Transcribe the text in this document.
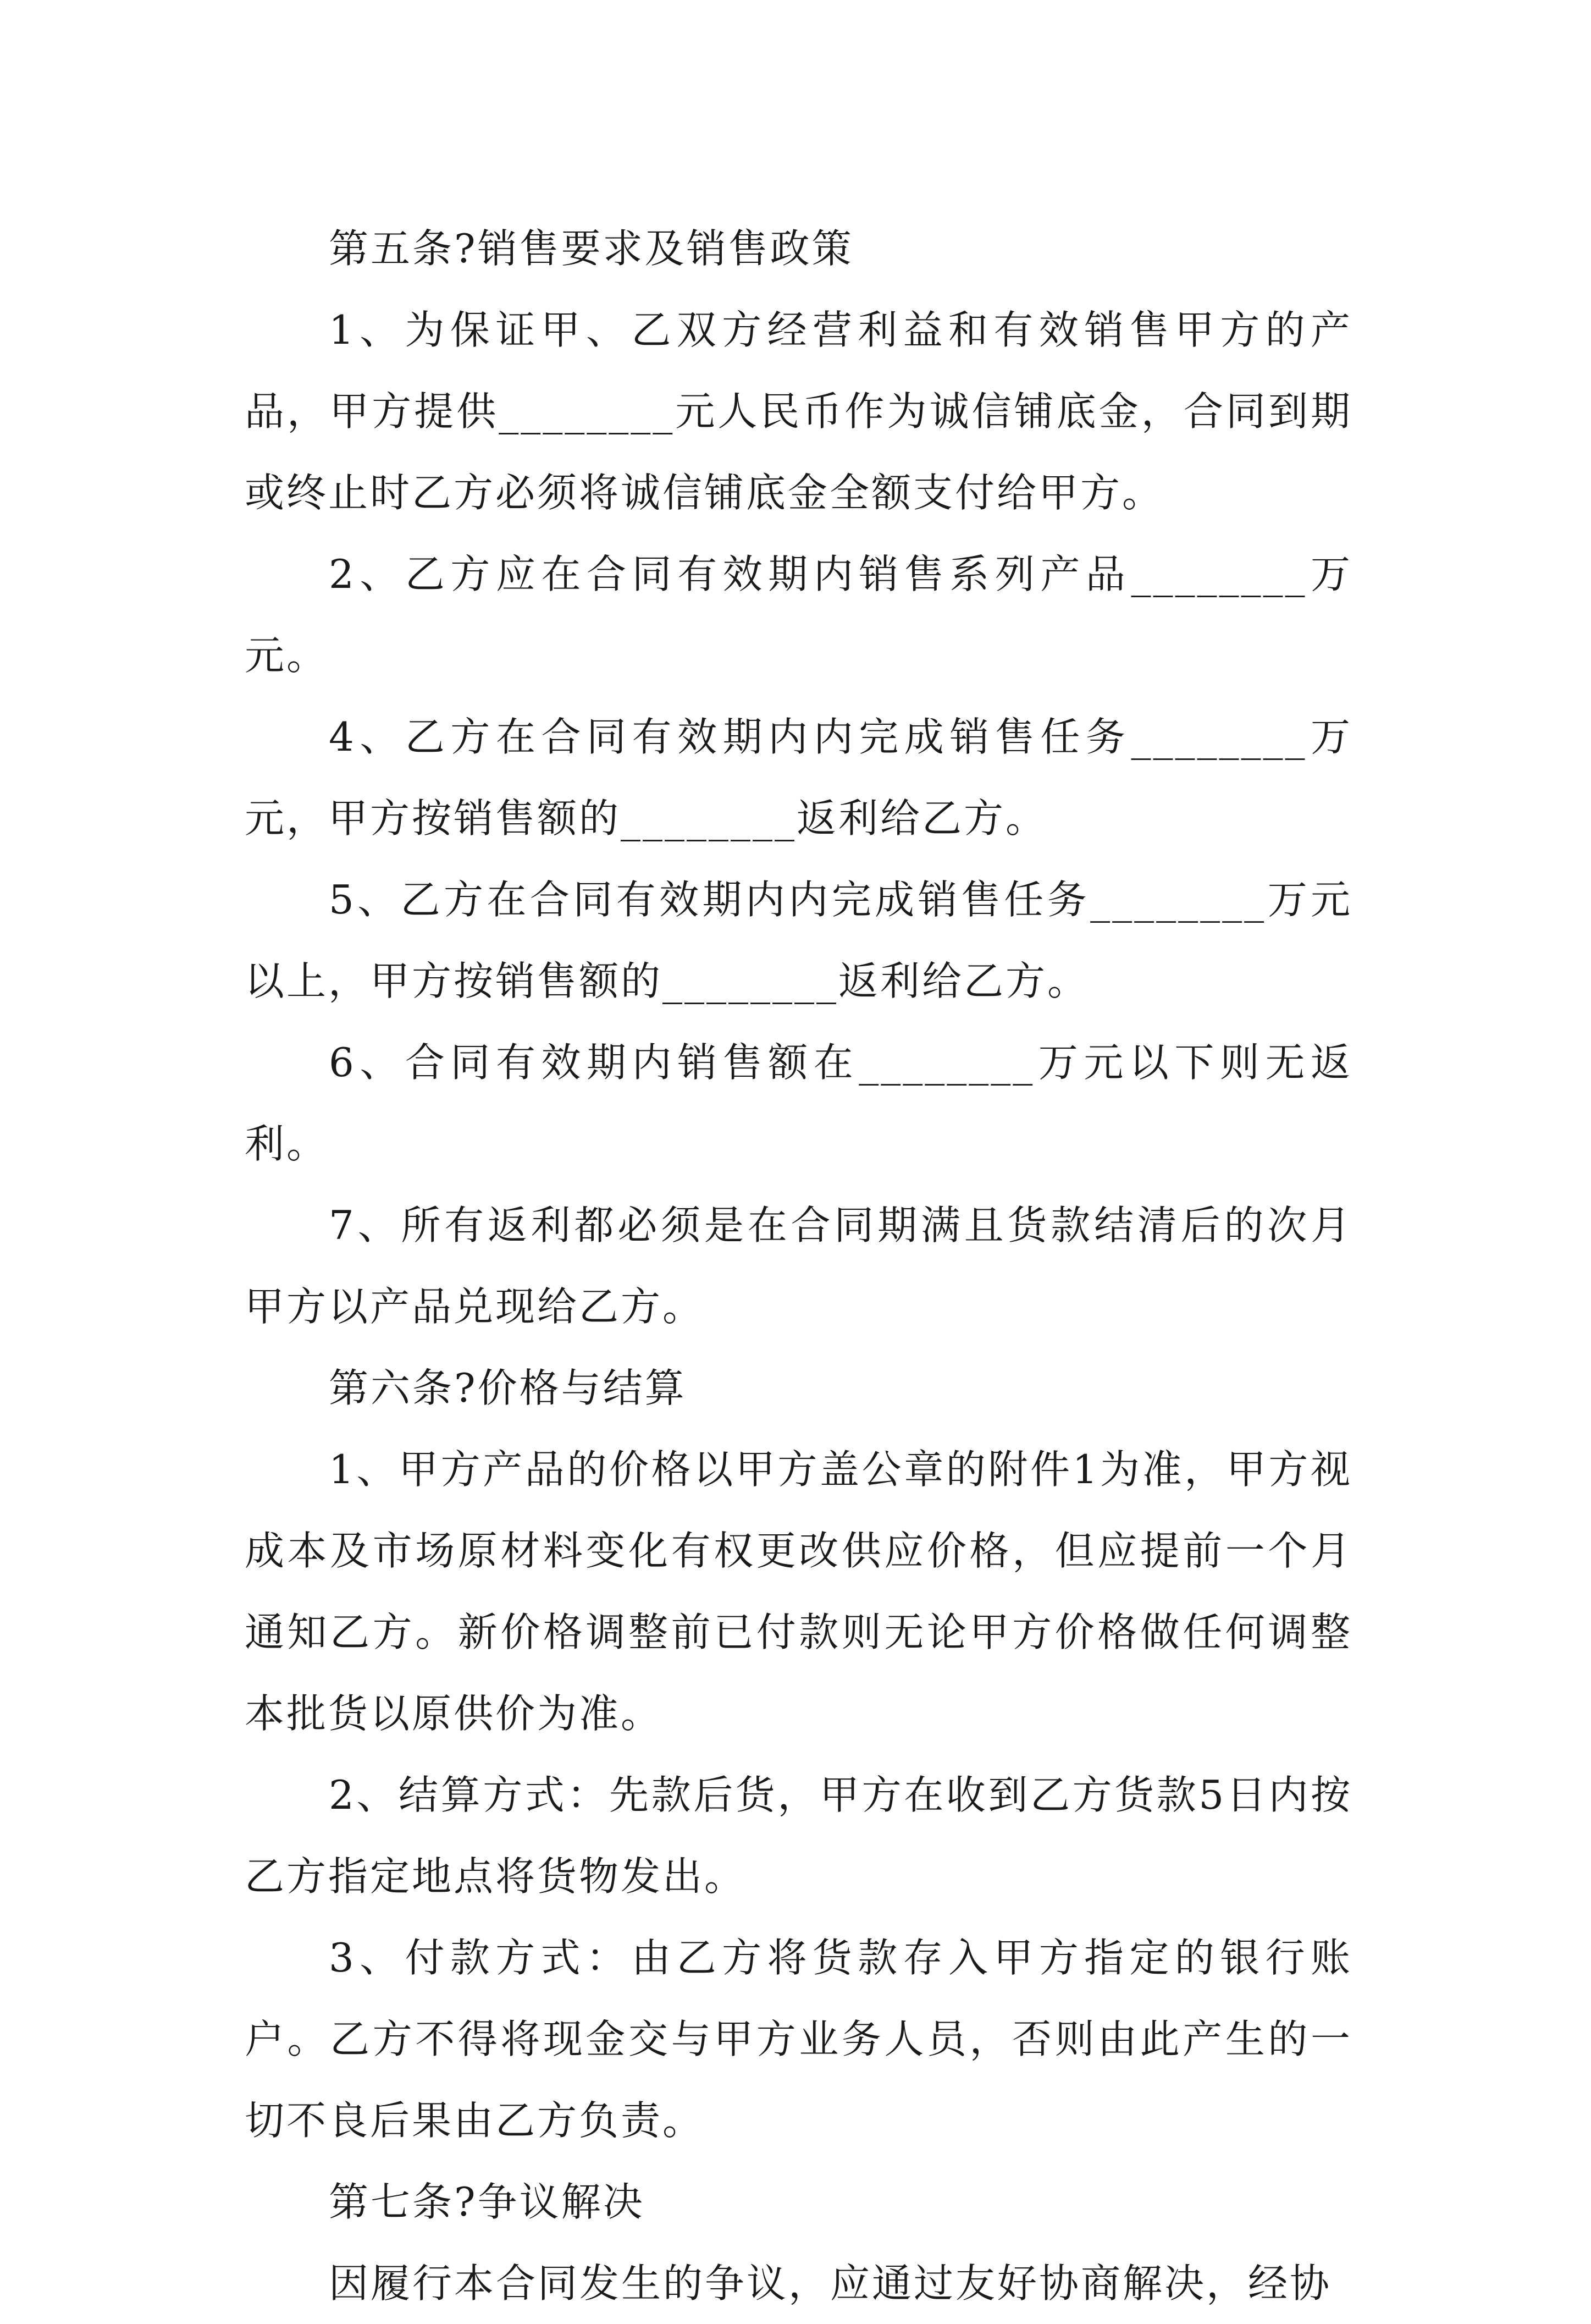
第五条?销售要求及销售政策

1、为保证甲、乙双方经营利益和有效销售甲方的产品，甲方提供________元人民币作为诚信铺底金，合同到期或终止时乙方必须将诚信铺底金全额支付给甲方。

2、乙方应在合同有效期内销售系列产品________万元。

4、乙方在合同有效期内内完成销售任务________万元，甲方按销售额的________返利给乙方。

5、乙方在合同有效期内内完成销售任务________万元以上，甲方按销售额的________返利给乙方。

6、合同有效期内销售额在________万元以下则无返利。

7、所有返利都必须是在合同期满且货款结清后的次月甲方以产品兑现给乙方。

第六条?价格与结算

1、甲方产品的价格以甲方盖公章的附件1为准，甲方视成本及市场原材料变化有权更改供应价格，但应提前一个月通知乙方。新价格调整前已付款则无论甲方价格做任何调整本批货以原供价为准。

2、结算方式：先款后货，甲方在收到乙方货款5日内按乙方指定地点将货物发出。

3、付款方式：由乙方将货款存入甲方指定的银行账户。乙方不得将现金交与甲方业务人员，否则由此产生的一切不良后果由乙方负责。

第七条?争议解决

因履行本合同发生的争议，应通过友好协商解决，经协
